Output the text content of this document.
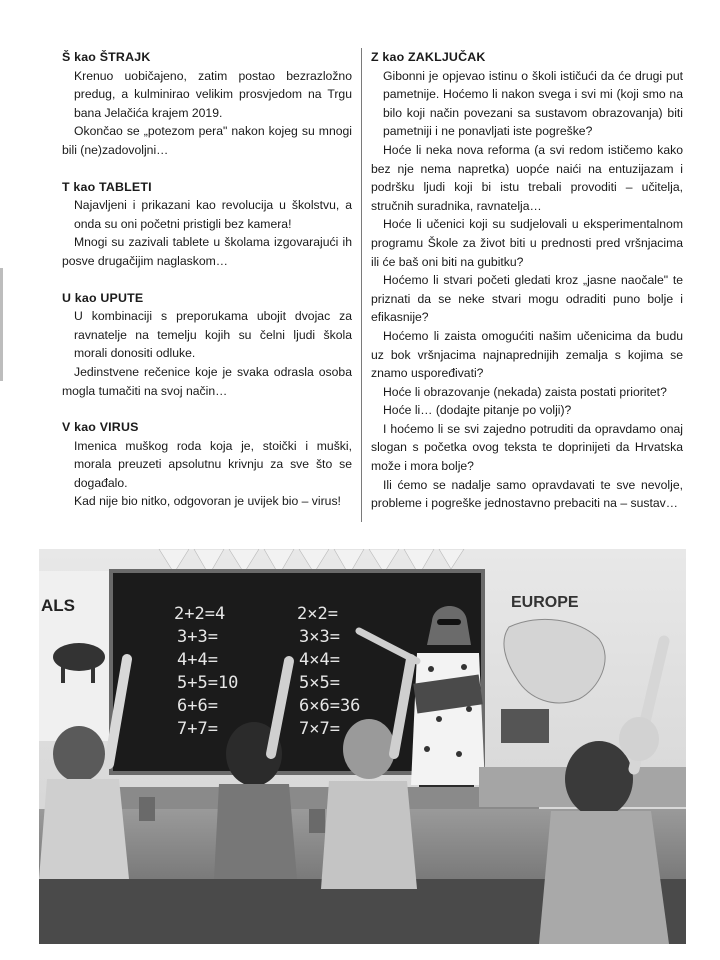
Š kao ŠTRAJK

Krenuo uobičajeno, zatim postao bezrazložno predug, a kulminirao velikim prosvjedom na Trgu bana Jelačića krajem 2019.

Okončao se „potezom pera" nakon kojeg su mnogi bili (ne)zadovoljni…

T kao TABLETI

Najavljeni i prikazani kao revolucija u školstvu, a onda su oni početni pristigli bez kamera!

Mnogi su zazivali tablete u školama izgovarajući ih posve drugačijim naglaskom…

U kao UPUTE

U kombinaciji s preporukama ubojit dvojac za ravnatelje na temelju kojih su čelni ljudi škola morali donositi odluke.

Jedinstvene rečenice koje je svaka odrasla osoba mogla tumačiti na svoj način…

V kao VIRUS

Imenica muškog roda koja je, stoički i muški, morala preuzeti apsolutnu krivnju za sve što se događalo.

Kad nije bio nitko, odgovoran je uvijek bio – virus!

Z kao ZAKLJUČAK

Gibonni je opjevao istinu o školi ističući da će drugi put pametnije. Hoćemo li nakon svega i svi mi (koji smo na bilo koji način povezani sa sustavom obrazovanja) biti pametniji i ne ponavljati iste pogreške?

Hoće li neka nova reforma (a svi redom ističemo kako bez nje nema napretka) uopće naići na entuzijazam i podršku ljudi koji bi istu trebali provoditi – učitelja, stručnih suradnika, ravnatelja…

Hoće li učenici koji su sudjelovali u eksperimentalnom programu Škole za život biti u prednosti pred vršnjacima ili će baš oni biti na gubitku?

Hoćemo li stvari početi gledati kroz „jasne naočale" te priznati da se neke stvari mogu odraditi puno bolje i efikasnije?

Hoćemo li zaista omogućiti našim učenicima da budu uz bok vršnjacima najnaprednijih zemalja s kojima se znamo uspoređivati?

Hoće li obrazovanje (nekada) zaista postati prioritet?

Hoće li… (dodajte pitanje po volji)?

I hoćemo li se svi zajedno potruditi da opravdamo onaj slogan s početka ovog teksta te doprinijeti da Hrvatska može i mora bolje?

Ili ćemo se nadalje samo opravdavati te sve nevolje, probleme i pogreške jednostavno prebaciti na – sustav…

ALS	2+2=4
3+3=
4+4=
5+5=10
6+6=
7+7=
2×2=
3×3=
4×4=
5×5=
6×6=36
7×7=
EUROPE
